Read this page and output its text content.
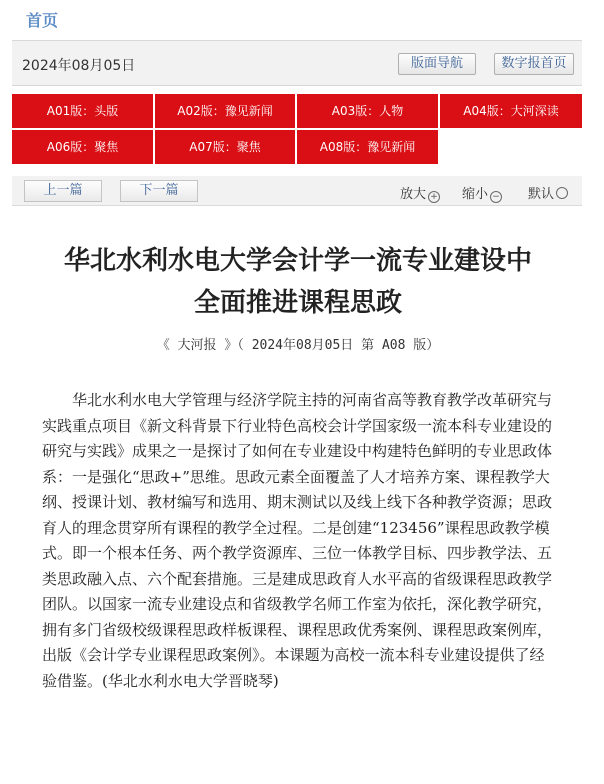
首页
2024年08月05日	版面导航	数字报首页
A01版：头版	A02版：豫见新闻	A03版：人物	A04版：大河深读
A06版：聚焦	A07版：聚焦	A08版：豫见新闻
上一篇	下一篇	放大 + 缩小 − 默认
华北水利水电大学会计学一流专业建设中
全面推进课程思政
《 大河报 》（ 2024年08月05日 第 A08 版）

华北水利水电大学管理与经济学院主持的河南省高等教育教学改革研究与实践重点项目《新文科背景下行业特色高校会计学国家级一流本科专业建设的研究与实践》成果之一是探讨了如何在专业建设中构建特色鲜明的专业思政体系：一是强化“思政+”思维。思政元素全面覆盖了人才培养方案、课程教学大纲、授课计划、教材编写和选用、期末测试以及线上线下各种教学资源；思政育人的理念贯穿所有课程的教学全过程。二是创建“123456”课程思政教学模式。即一个根本任务、两个教学资源库、三位一体教学目标、四步教学法、五类思政融入点、六个配套措施。三是建成思政育人水平高的省级课程思政教学团队。以国家一流专业建设点和省级教学名师工作室为依托，深化教学研究，拥有多门省级校级课程思政样板课程、课程思政优秀案例、课程思政案例库，出版《会计学专业课程思政案例》。本课题为高校一流本科专业建设提供了经验借鉴。(华北水利水电大学晋晓琴)
